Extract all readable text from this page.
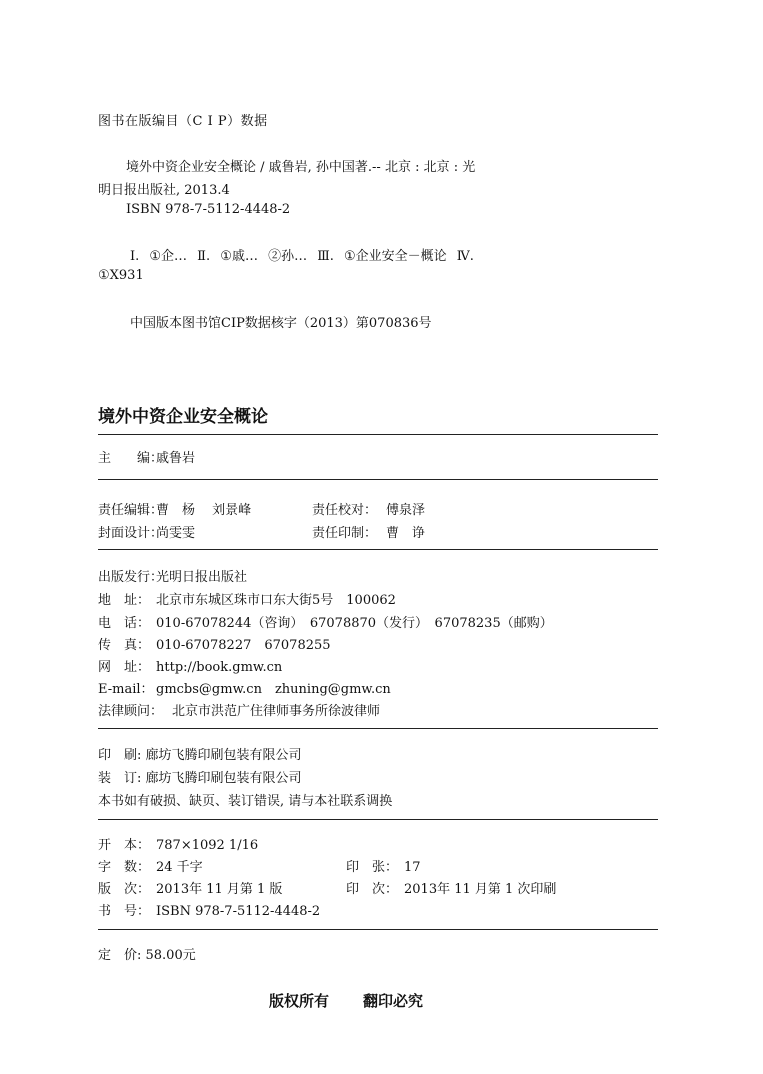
图书在版编目（C I P）数据
境外中资企业安全概论 / 戚鲁岩, 孙中国著.-- 北京 : 北京 : 光
明日报出版社, 2013.4
ISBN 978-7-5112-4448-2
Ⅰ. ①企… Ⅱ. ①戚… ②孙… Ⅲ. ①企业安全－概论 Ⅳ.
①X931
中国版本图书馆CIP数据核字（2013）第070836号
境外中资企业安全概论
主　　编：戚鲁岩
责任编辑：曹　杨　 刘景峰	责任校对： 傅泉泽
封面设计：尚雯雯	责任印制： 曹　诤
出版发行：光明日报出版社
地　址： 北京市东城区珠市口东大街5号　100062
电　话： 010-67078244（咨询）　67078870（发行）　67078235（邮购）
传　真： 010-67078227　67078255
网　址： http://book.gmw.cn
E-mail： gmcbs@gmw.cn　zhuning@gmw.cn
法律顾问： 北京市洪范广住律师事务所徐波律师
印　刷: 廊坊飞腾印刷包装有限公司
装　订: 廊坊飞腾印刷包装有限公司
本书如有破损、缺页、装订错误, 请与本社联系调换
开　本： 787×1092 1/16
字　数： 24 千字	印　张： 17
版　次： 2013年 11 月第 1 版	印　次： 2013年 11 月第 1 次印刷
书　号： ISBN 978-7-5112-4448-2
定　价: 58.00元
版权所有 翻印必究
